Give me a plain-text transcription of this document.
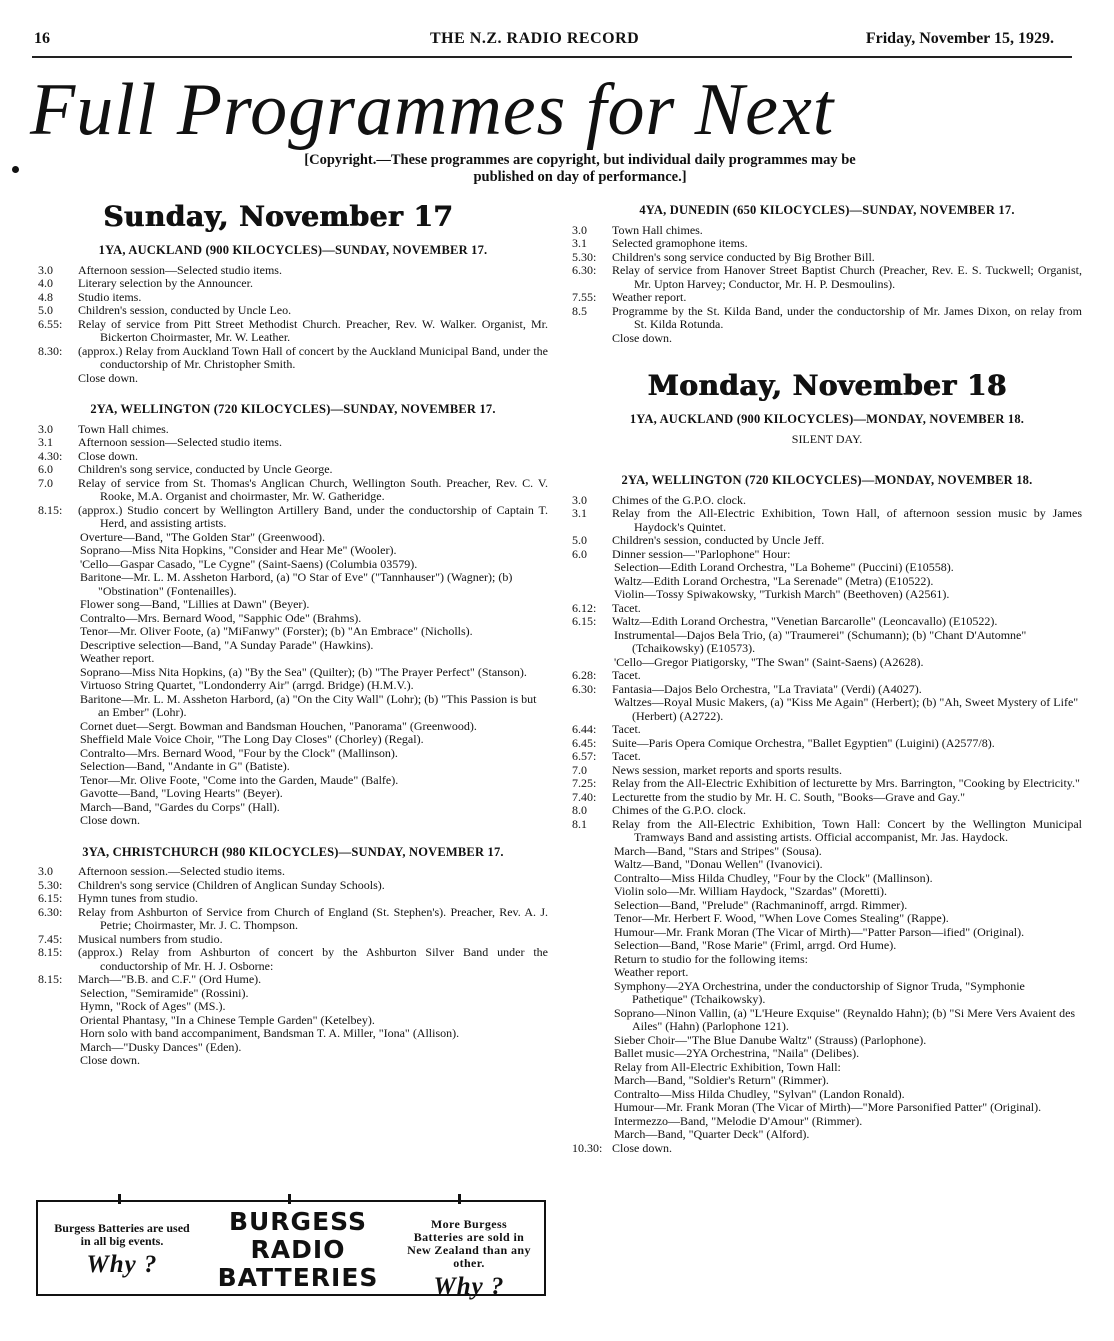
16	THE N.Z. RADIO RECORD	Friday, November 15, 1929.
Full Programmes for Next
[Copyright.—These programmes are copyright, but individual daily programmes may be published on day of performance.]
Sunday, November 17
1YA, AUCKLAND (900 KILOCYCLES)—SUNDAY, NOVEMBER 17.
3.0	Afternoon session—Selected studio items.
4.0	Literary selection by the Announcer.
4.8	Studio items.
5.0	Children's session, conducted by Uncle Leo.
6.55:	Relay of service from Pitt Street Methodist Church. Preacher, Rev. W. Walker. Organist, Mr. Bickerton Choirmaster, Mr. W. Leather.
8.30:	(approx.) Relay from Auckland Town Hall of concert by the Auckland Municipal Band, under the conductorship of Mr. Christopher Smith.
Close down.
2YA, WELLINGTON (720 KILOCYCLES)—SUNDAY, NOVEMBER 17.
3.0	Town Hall chimes.
3.1	Afternoon session—Selected studio items.
4.30:	Close down.
6.0	Children's song service, conducted by Uncle George.
7.0	Relay of service from St. Thomas's Anglican Church, Wellington South. Preacher, Rev. C. V. Rooke, M.A. Organist and choirmaster, Mr. W. Gatheridge.
8.15:	(approx.) Studio concert by Wellington Artillery Band, under the conductorship of Captain T. Herd, and assisting artists.
Overture—Band, "The Golden Star" (Greenwood).
Soprano—Miss Nita Hopkins, "Consider and Hear Me" (Wooler).
'Cello—Gaspar Casado, "Le Cygne" (Saint-Saens) (Columbia 03579).
Baritone—Mr. L. M. Assheton Harbord, (a) "O Star of Eve" ("Tannhauser") (Wagner); (b) "Obstination" (Fontenailles).
Flower song—Band, "Lillies at Dawn" (Beyer).
Contralto—Mrs. Bernard Wood, "Sapphic Ode" (Brahms).
Tenor—Mr. Oliver Foote, (a) "MiFanwy" (Forster); (b) "An Embrace" (Nicholls).
Descriptive selection—Band, "A Sunday Parade" (Hawkins).
Weather report.
Soprano—Miss Nita Hopkins, (a) "By the Sea" (Quilter); (b) "The Prayer Perfect" (Stanson).
Virtuoso String Quartet, "Londonderry Air" (arrgd. Bridge) (H.M.V.).
Baritone—Mr. L. M. Assheton Harbord, (a) "On the City Wall" (Lohr); (b) "This Passion is but an Ember" (Lohr).
Cornet duet—Sergt. Bowman and Bandsman Houchen, "Panorama" (Greenwood).
Sheffield Male Voice Choir, "The Long Day Closes" (Chorley) (Regal).
Contralto—Mrs. Bernard Wood, "Four by the Clock" (Mallinson).
Selection—Band, "Andante in G" (Batiste).
Tenor—Mr. Olive Foote, "Come into the Garden, Maude" (Balfe).
Gavotte—Band, "Loving Hearts" (Beyer).
March—Band, "Gardes du Corps" (Hall).
Close down.
3YA, CHRISTCHURCH (980 KILOCYCLES)—SUNDAY, NOVEMBER 17.
3.0	Afternoon session.—Selected studio items.
5.30:	Children's song service (Children of Anglican Sunday Schools).
6.15:	Hymn tunes from studio.
6.30:	Relay from Ashburton of Service from Church of England (St. Stephen's). Preacher, Rev. A. J. Petrie; Choirmaster, Mr. J. C. Thompson.
7.45:	Musical numbers from studio.
8.15:	(approx.) Relay from Ashburton of concert by the Ashburton Silver Band under the conductorship of Mr. H. J. Osborne:
8.15:	March—"B.B. and C.F." (Ord Hume).
Selection, "Semiramide" (Rossini).
Hymn, "Rock of Ages" (MS.).
Oriental Phantasy, "In a Chinese Temple Garden" (Ketelbey).
Horn solo with band accompaniment, Bandsman T. A. Miller, "Iona" (Allison).
March—"Dusky Dances" (Eden).
Close down.
4YA, DUNEDIN (650 KILOCYCLES)—SUNDAY, NOVEMBER 17.
3.0	Town Hall chimes.
3.1	Selected gramophone items.
5.30:	Children's song service conducted by Big Brother Bill.
6.30:	Relay of service from Hanover Street Baptist Church (Preacher, Rev. E. S. Tuckwell; Organist, Mr. Upton Harvey; Conductor, Mr. H. P. Desmoulins).
7.55:	Weather report.
8.5	Programme by the St. Kilda Band, under the conductorship of Mr. James Dixon, on relay from St. Kilda Rotunda.
Close down.
Monday, November 18
1YA, AUCKLAND (900 KILOCYCLES)—MONDAY, NOVEMBER 18.
SILENT DAY.
2YA, WELLINGTON (720 KILOCYCLES)—MONDAY, NOVEMBER 18.
3.0	Chimes of the G.P.O. clock.
3.1	Relay from the All-Electric Exhibition, Town Hall, of afternoon session music by James Haydock's Quintet.
5.0	Children's session, conducted by Uncle Jeff.
6.0	Dinner session—"Parlophone" Hour:
Selection—Edith Lorand Orchestra, "La Boheme" (Puccini) (E10558).
Waltz—Edith Lorand Orchestra, "La Serenade" (Metra) (E10522).
Violin—Tossy Spiwakowsky, "Turkish March" (Beethoven) (A2561).
6.12:	Tacet.
6.15:	Waltz—Edith Lorand Orchestra, "Venetian Barcarolle" (Leoncavallo) (E10522).
Instrumental—Dajos Bela Trio, (a) "Traumerei" (Schumann); (b) "Chant D'Automne" (Tchaikowsky) (E10573).
'Cello—Gregor Piatigorsky, "The Swan" (Saint-Saens) (A2628).
6.28:	Tacet.
6.30:	Fantasia—Dajos Belo Orchestra, "La Traviata" (Verdi) (A4027).
Waltzes—Royal Music Makers, (a) "Kiss Me Again" (Herbert); (b) "Ah, Sweet Mystery of Life" (Herbert) (A2722).
6.44:	Tacet.
6.45:	Suite—Paris Opera Comique Orchestra, "Ballet Egyptien" (Luigini) (A2577/8).
6.57:	Tacet.
7.0	News session, market reports and sports results.
7.25:	Relay from the All-Electric Exhibition of lecturette by Mrs. Barrington, "Cooking by Electricity."
7.40:	Lecturette from the studio by Mr. H. C. South, "Books—Grave and Gay."
8.0	Chimes of the G.P.O. clock.
8.1	Relay from the All-Electric Exhibition, Town Hall: Concert by the Wellington Municipal Tramways Band and assisting artists. Official accompanist, Mr. Jas. Haydock.
March—Band, "Stars and Stripes" (Sousa).
Waltz—Band, "Donau Wellen" (Ivanovici).
Contralto—Miss Hilda Chudley, "Four by the Clock" (Mallinson).
Violin solo—Mr. William Haydock, "Szardas" (Moretti).
Selection—Band, "Prelude" (Rachmaninoff, arrgd. Rimmer).
Tenor—Mr. Herbert F. Wood, "When Love Comes Stealing" (Rappe).
Humour—Mr. Frank Moran (The Vicar of Mirth)—"Patter Parson—ified" (Original).
Selection—Band, "Rose Marie" (Friml, arrgd. Ord Hume).
Return to studio for the following items:
Weather report.
Symphony—2YA Orchestrina, under the conductorship of Signor Truda, "Symphonie Pathetique" (Tchaikowsky).
Soprano—Ninon Vallin, (a) "L'Heure Exquise" (Reynaldo Hahn); (b) "Si Mere Vers Avaient des Ailes" (Hahn) (Parlophone 121).
Sieber Choir—"The Blue Danube Waltz" (Strauss) (Parlophone).
Ballet music—2YA Orchestrina, "Naila" (Delibes).
Relay from All-Electric Exhibition, Town Hall:
March—Band, "Soldier's Return" (Rimmer).
Contralto—Miss Hilda Chudley, "Sylvan" (Landon Ronald).
Humour—Mr. Frank Moran (The Vicar of Mirth)—"More Parsonified Patter" (Original).
Intermezzo—Band, "Melodie D'Amour" (Rimmer).
March—Band, "Quarter Deck" (Alford).
10.30: Close down.
Burgess Batteries are used in all big events.
Why ?
BURGESS
RADIO
BATTERIES
More Burgess Batteries are sold in New Zealand than any other.
Why ?
